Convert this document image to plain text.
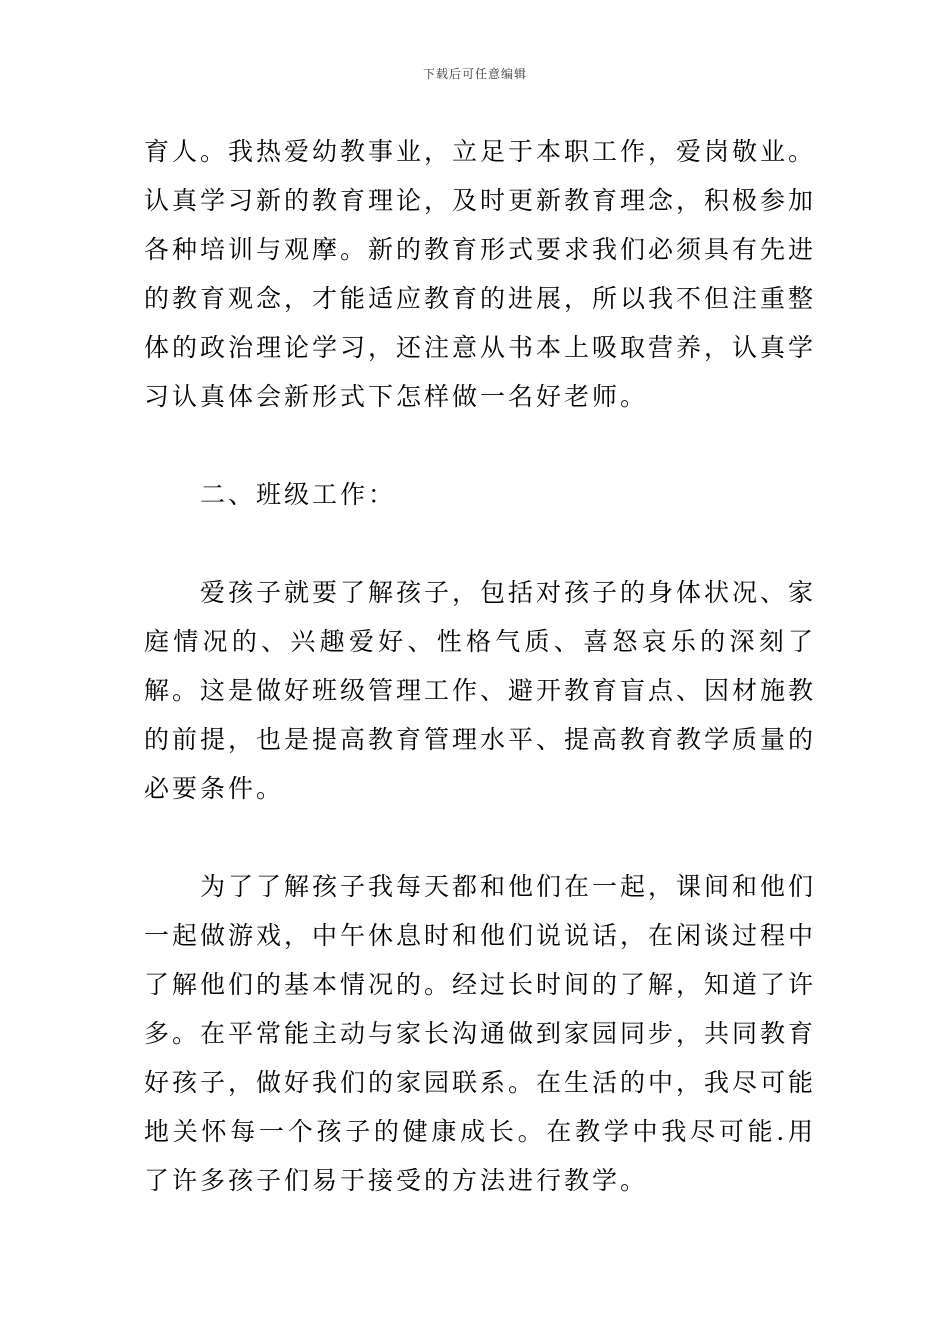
下载后可任意编辑

育人。我热爱幼教事业，立足于本职工作，爱岗敬业。认真学习新的教育理论，及时更新教育理念，积极参加各种培训与观摩。新的教育形式要求我们必须具有先进的教育观念，才能适应教育的进展，所以我不但注重整体的政治理论学习，还注意从书本上吸取营养，认真学习认真体会新形式下怎样做一名好老师。

二、班级工作：

爱孩子就要了解孩子，包括对孩子的身体状况、家庭情况的、兴趣爱好、性格气质、喜怒哀乐的深刻了解。这是做好班级管理工作、避开教育盲点、因材施教的前提，也是提高教育管理水平、提高教育教学质量的必要条件。

为了了解孩子我每天都和他们在一起，课间和他们一起做游戏，中午休息时和他们说说话，在闲谈过程中了解他们的基本情况的。经过长时间的了解，知道了许多。在平常能主动与家长沟通做到家园同步，共同教育好孩子，做好我们的家园联系。在生活的中，我尽可能地关怀每一个孩子的健康成长。在教学中我尽可能.用了许多孩子们易于接受的方法进行教学。
